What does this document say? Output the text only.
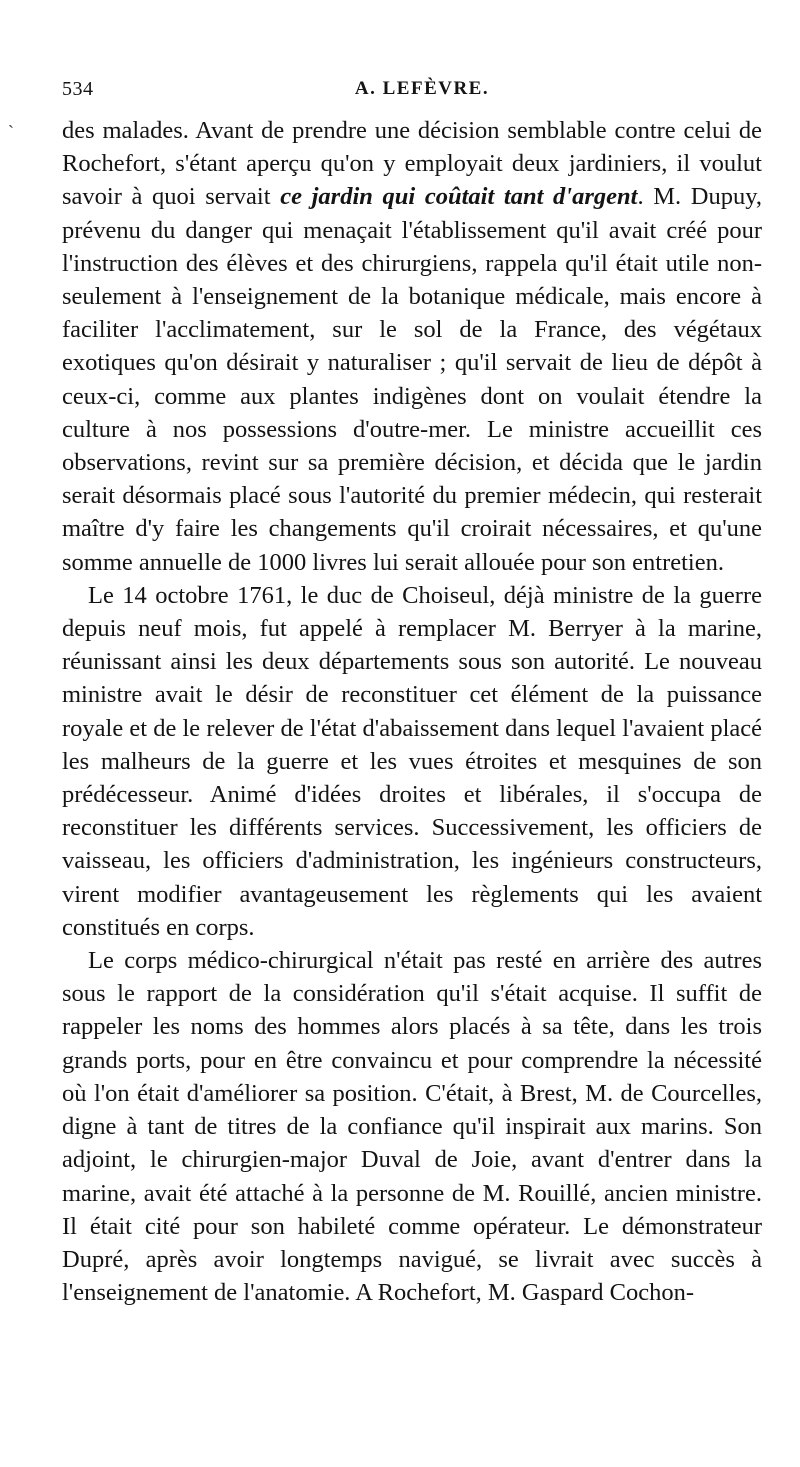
534	A. LEFÈVRE.
` des malades. Avant de prendre une décision semblable contre celui de Rochefort, s'étant aperçu qu'on y employait deux jardiniers, il voulut savoir à quoi servait ce jardin qui coûtait tant d'argent. M. Dupuy, prévenu du danger qui menaçait l'établissement qu'il avait créé pour l'instruction des élèves et des chirurgiens, rappela qu'il était utile non-seulement à l'enseignement de la botanique médicale, mais encore à faciliter l'acclimatement, sur le sol de la France, des végétaux exotiques qu'on désirait y naturaliser ; qu'il servait de lieu de dépôt à ceux-ci, comme aux plantes indigènes dont on voulait étendre la culture à nos possessions d'outre-mer. Le ministre accueillit ces observations, revint sur sa première décision, et décida que le jardin serait désormais placé sous l'autorité du premier médecin, qui resterait maître d'y faire les changements qu'il croirait nécessaires, et qu'une somme annuelle de 1000 livres lui serait allouée pour son entretien.

Le 14 octobre 1761, le duc de Choiseul, déjà ministre de la guerre depuis neuf mois, fut appelé à remplacer M. Berryer à la marine, réunissant ainsi les deux départements sous son autorité. Le nouveau ministre avait le désir de reconstituer cet élément de la puissance royale et de le relever de l'état d'abaissement dans lequel l'avaient placé les malheurs de la guerre et les vues étroites et mesquines de son prédécesseur. Animé d'idées droites et libérales, il s'occupa de reconstituer les différents services. Successivement, les officiers de vaisseau, les officiers d'administration, les ingénieurs constructeurs, virent modifier avantageusement les règlements qui les avaient constitués en corps.

Le corps médico-chirurgical n'était pas resté en arrière des autres sous le rapport de la considération qu'il s'était acquise. Il suffit de rappeler les noms des hommes alors placés à sa tête, dans les trois grands ports, pour en être convaincu et pour comprendre la nécessité où l'on était d'améliorer sa position. C'était, à Brest, M. de Courcelles, digne à tant de titres de la confiance qu'il inspirait aux marins. Son adjoint, le chirurgien-major Duval de Joie, avant d'entrer dans la marine, avait été attaché à la personne de M. Rouillé, ancien ministre. Il était cité pour son habileté comme opérateur. Le démonstrateur Dupré, après avoir longtemps navigué, se livrait avec succès à l'enseignement de l'anatomie. A Rochefort, M. Gaspard Cochon-
